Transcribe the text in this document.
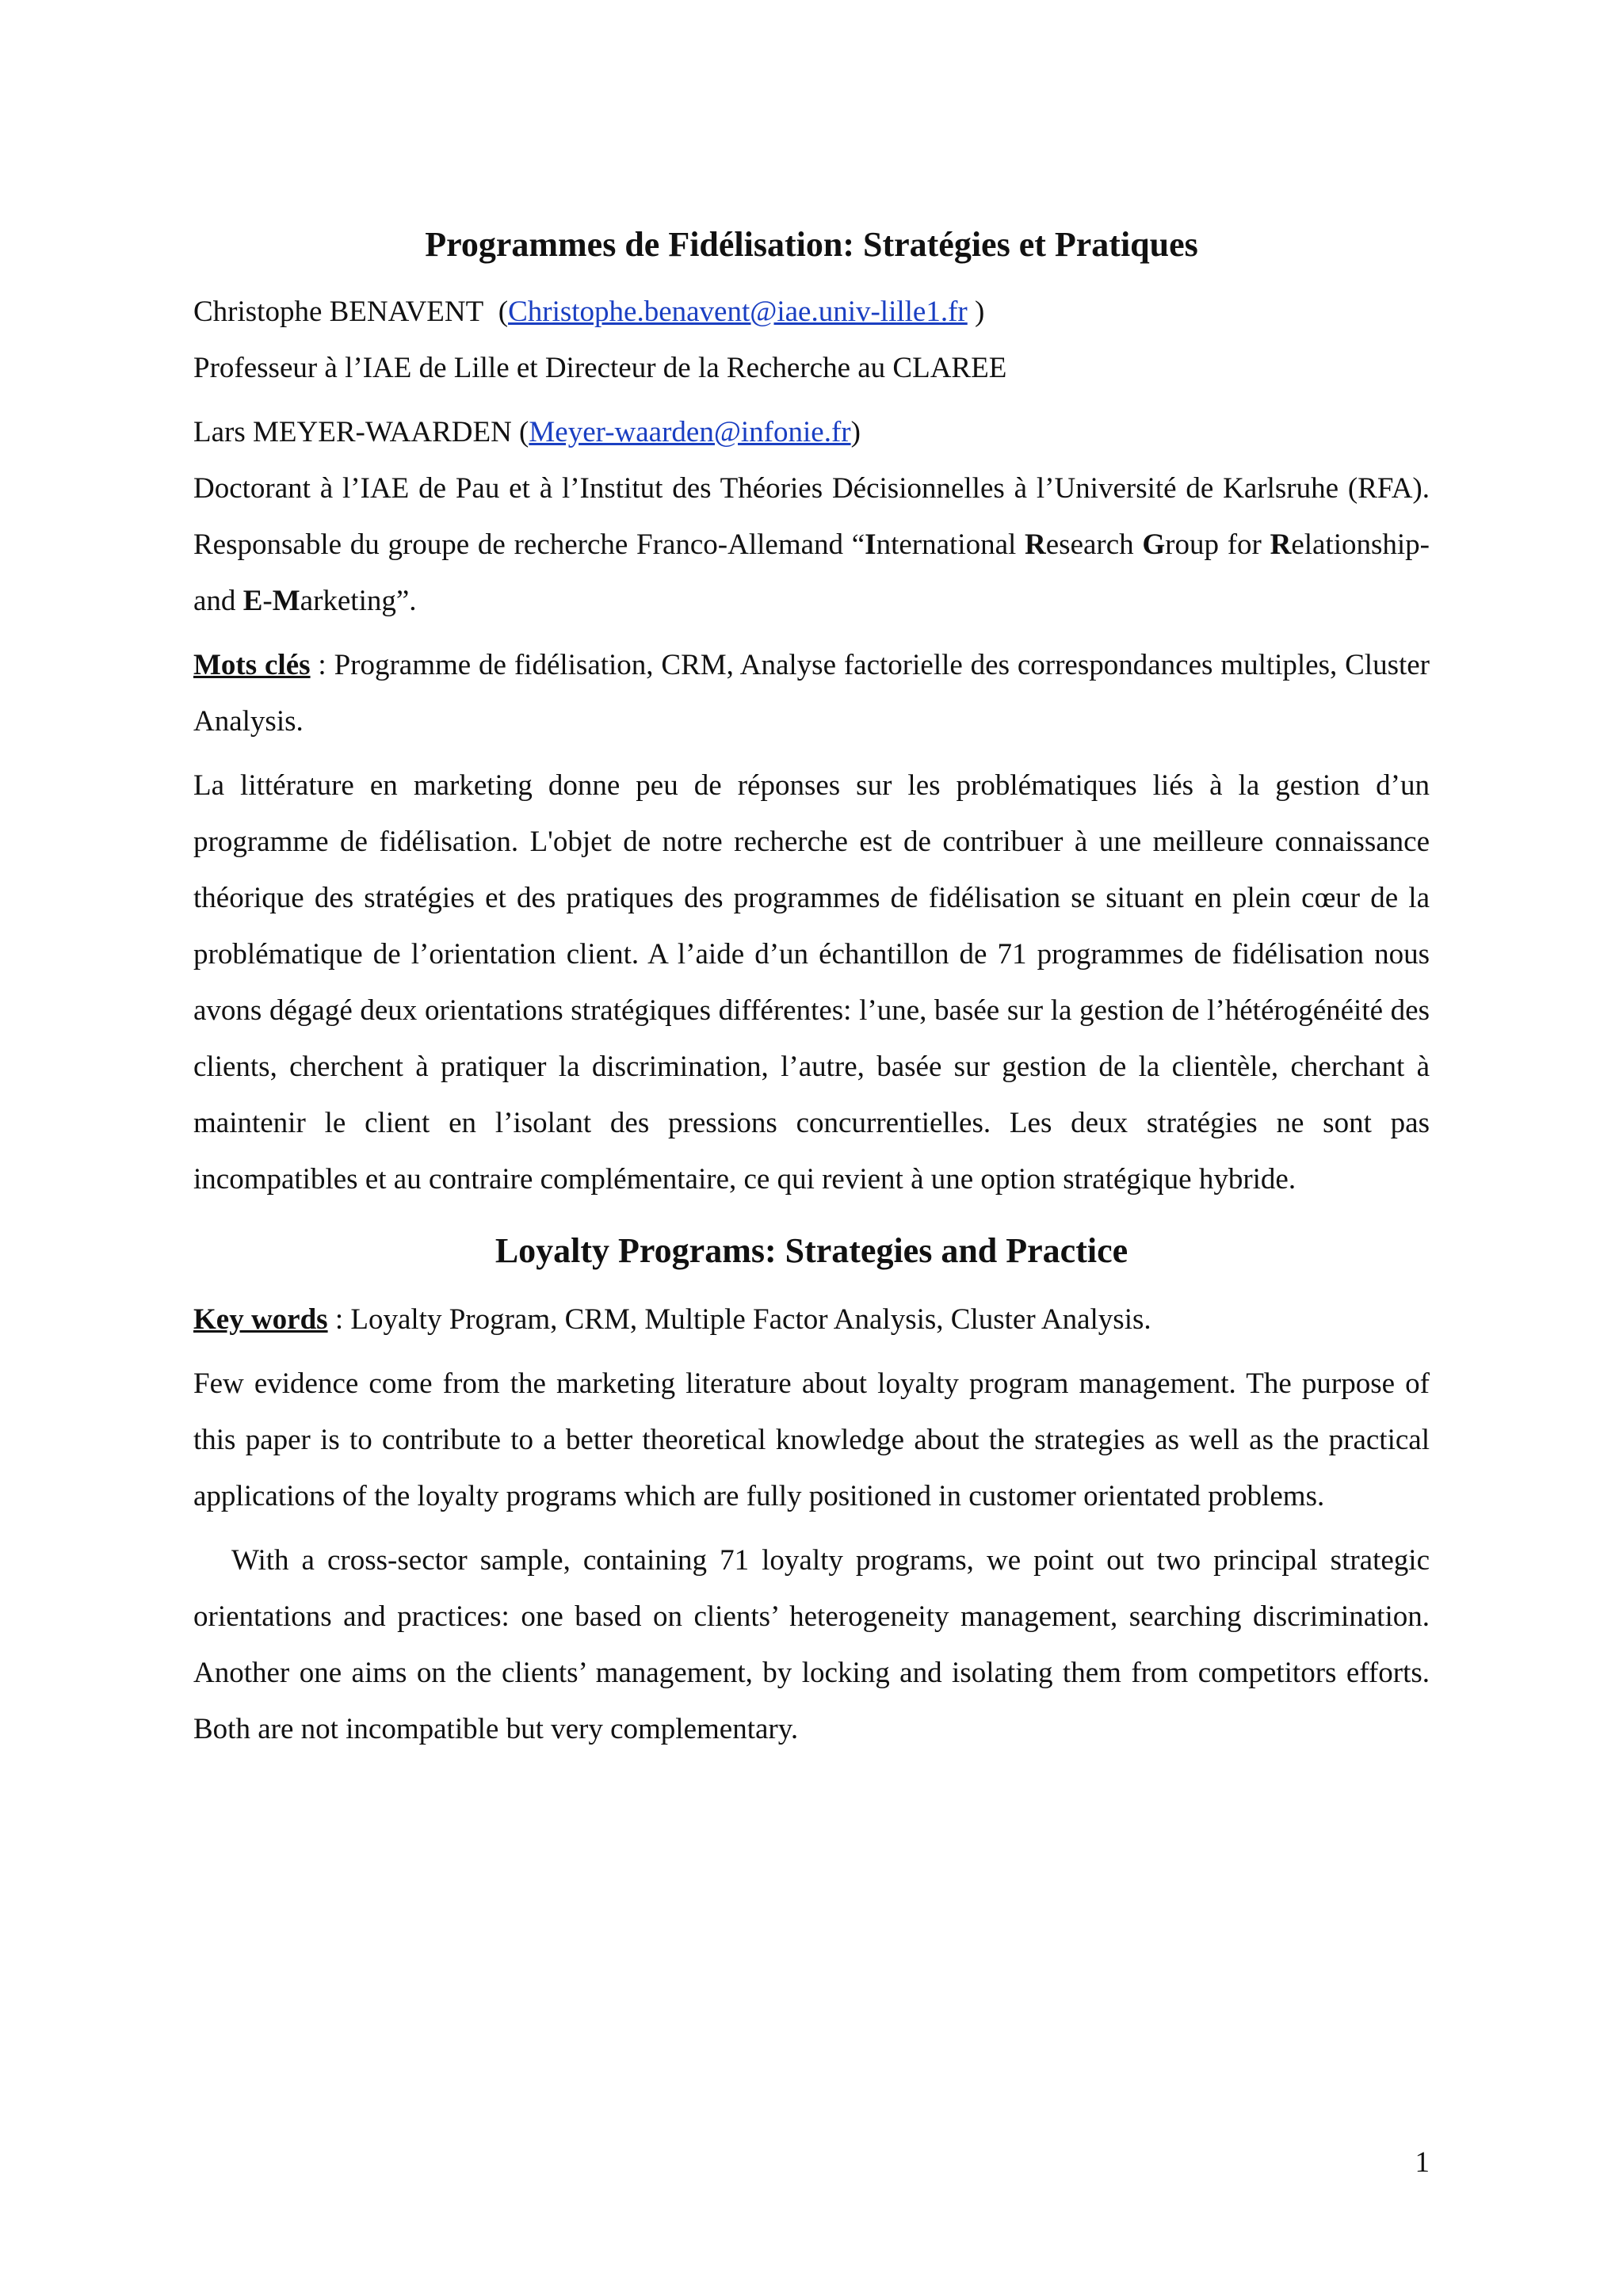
Programmes de Fidélisation: Stratégies et Pratiques

Christophe BENAVENT (Christophe.benavent@iae.univ-lille1.fr )

Professeur à l’IAE de Lille et Directeur de la Recherche au CLAREE

Lars MEYER-WAARDEN (Meyer-waarden@infonie.fr)

Doctorant à l’IAE de Pau et à l’Institut des Théories Décisionnelles à l’Université de Karlsruhe (RFA). Responsable du groupe de recherche Franco-Allemand “International Research Group for Relationship- and E-Marketing”.

Mots clés : Programme de fidélisation, CRM, Analyse factorielle des correspondances multiples, Cluster Analysis.

La littérature en marketing donne peu de réponses sur les problématiques liés à la gestion d’un programme de fidélisation. L'objet de notre recherche est de contribuer à une meilleure connaissance théorique des stratégies et des pratiques des programmes de fidélisation se situant en plein cœur de la problématique de l’orientation client. A l’aide d’un échantillon de 71 programmes de fidélisation nous avons dégagé deux orientations stratégiques différentes: l’une, basée sur la gestion de l’hétérogénéité des clients, cherchent à pratiquer la discrimination, l’autre, basée sur gestion de la clientèle, cherchant à maintenir le client en l’isolant des pressions concurrentielles. Les deux stratégies ne sont pas incompatibles et au contraire complémentaire, ce qui revient à une option stratégique hybride.

Loyalty Programs: Strategies and Practice

Key words : Loyalty Program, CRM, Multiple Factor Analysis, Cluster Analysis.

Few evidence come from the marketing literature about loyalty program management. The purpose of this paper is to contribute to a better theoretical knowledge about the strategies as well as the practical applications of the loyalty programs which are fully positioned in customer orientated problems.

With a cross-sector sample, containing 71 loyalty programs, we point out two principal strategic orientations and practices: one based on clients’ heterogeneity management, searching discrimination. Another one aims on the clients’ management, by locking and isolating them from competitors efforts. Both are not incompatible but very complementary.

1
